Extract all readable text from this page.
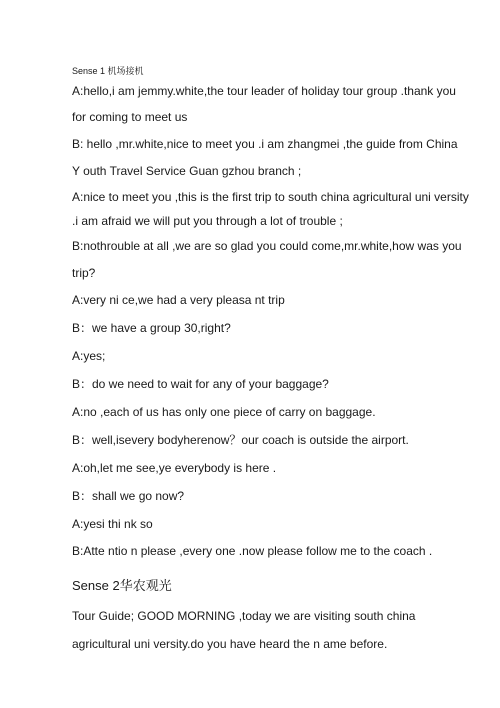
Sense 1 机场接机
A:hello,i am jemmy.white,the tour leader of holiday tour group .thank you
for coming to meet us
B: hello ,mr.white,nice to meet you .i am zhangmei ,the guide from China
Y outh Travel Service Guan gzhou branch ;
A:nice to meet you ,this is the first trip to south china agricultural uni versity
.i am afraid we will put you through a lot of trouble ;
B:nothrouble at all ,we are so glad you could come,mr.white,how was you
trip?
A:very ni ce,we had a very pleasa nt trip
B：we have a group 30,right?
A:yes;
B：do we need to wait for any of your baggage?
A:no ,each of us has only one piece of carry on baggage.
B：well,isevery bodyherenow？our coach is outside the airport.
A:oh,let me see,ye everybody is here .
B：shall we go now?
A:yesi thi nk so
B:Atte ntio n please ,every one .now please follow me to the coach .
Sense 2华农观光
Tour Guide; GOOD MORNING ,today we are visiting south china
agricultural uni versity.do you have heard the n ame before.
